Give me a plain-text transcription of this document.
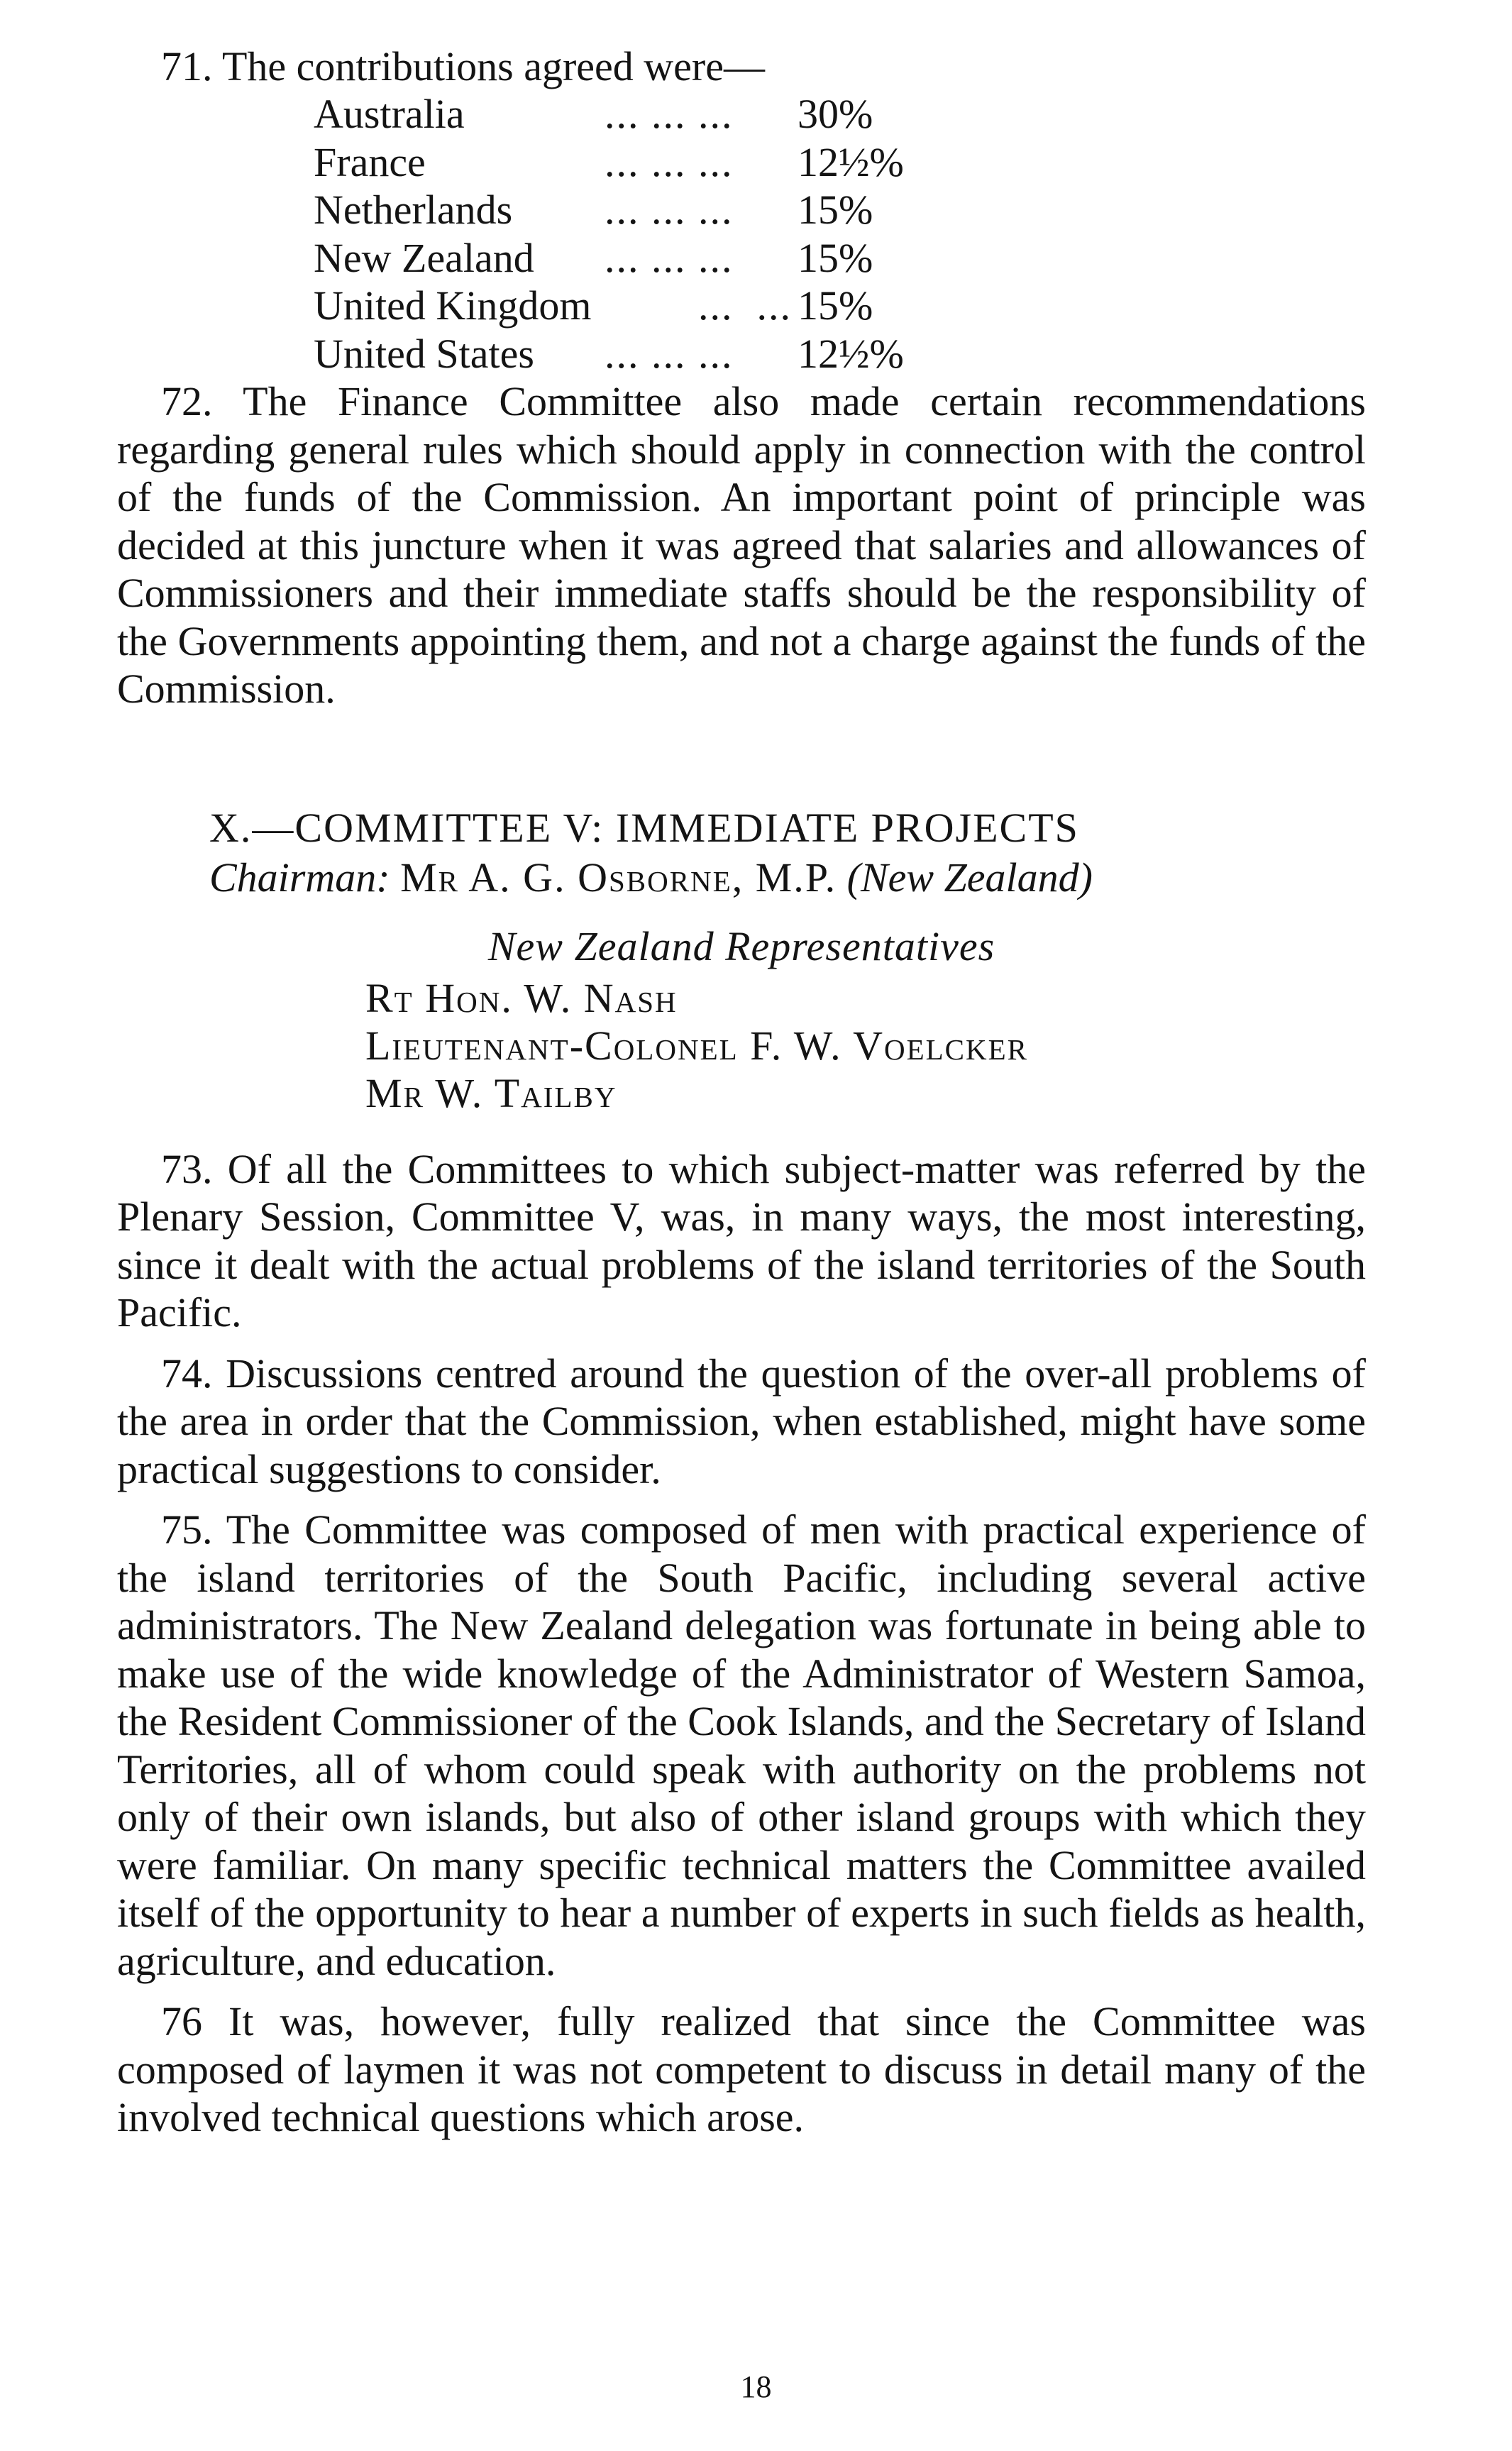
71. The contributions agreed were—

Australia	... ... ...	30%
France	... ... ...	12½%
Netherlands	... ... ...	15%
New Zealand	... ... ...	15%
United Kingdom	...  ...	15%
United States	... ... ...	12½%

72. The Finance Committee also made certain recommendations regarding general rules which should apply in connection with the control of the funds of the Commission. An important point of principle was decided at this juncture when it was agreed that salaries and allowances of Commissioners and their immediate staffs should be the responsibility of the Governments appointing them, and not a charge against the funds of the Commission.

X.—COMMITTEE V: IMMEDIATE PROJECTS
Chairman: Mr A. G. Osborne, M.P. (New Zealand)
New Zealand Representatives
Rt Hon. W. Nash
Lieutenant-Colonel F. W. Voelcker
Mr W. Tailby

73. Of all the Committees to which subject-matter was referred by the Plenary Session, Committee V, was, in many ways, the most interesting, since it dealt with the actual problems of the island territories of the South Pacific.

74. Discussions centred around the question of the over-all problems of the area in order that the Commission, when established, might have some practical suggestions to consider.

75. The Committee was composed of men with practical experience of the island territories of the South Pacific, including several active administrators. The New Zealand delegation was fortunate in being able to make use of the wide knowledge of the Administrator of Western Samoa, the Resident Commissioner of the Cook Islands, and the Secretary of Island Territories, all of whom could speak with authority on the problems not only of their own islands, but also of other island groups with which they were familiar. On many specific technical matters the Committee availed itself of the opportunity to hear a number of experts in such fields as health, agriculture, and education.

76 It was, however, fully realized that since the Committee was composed of laymen it was not competent to discuss in detail many of the involved technical questions which arose.

18
